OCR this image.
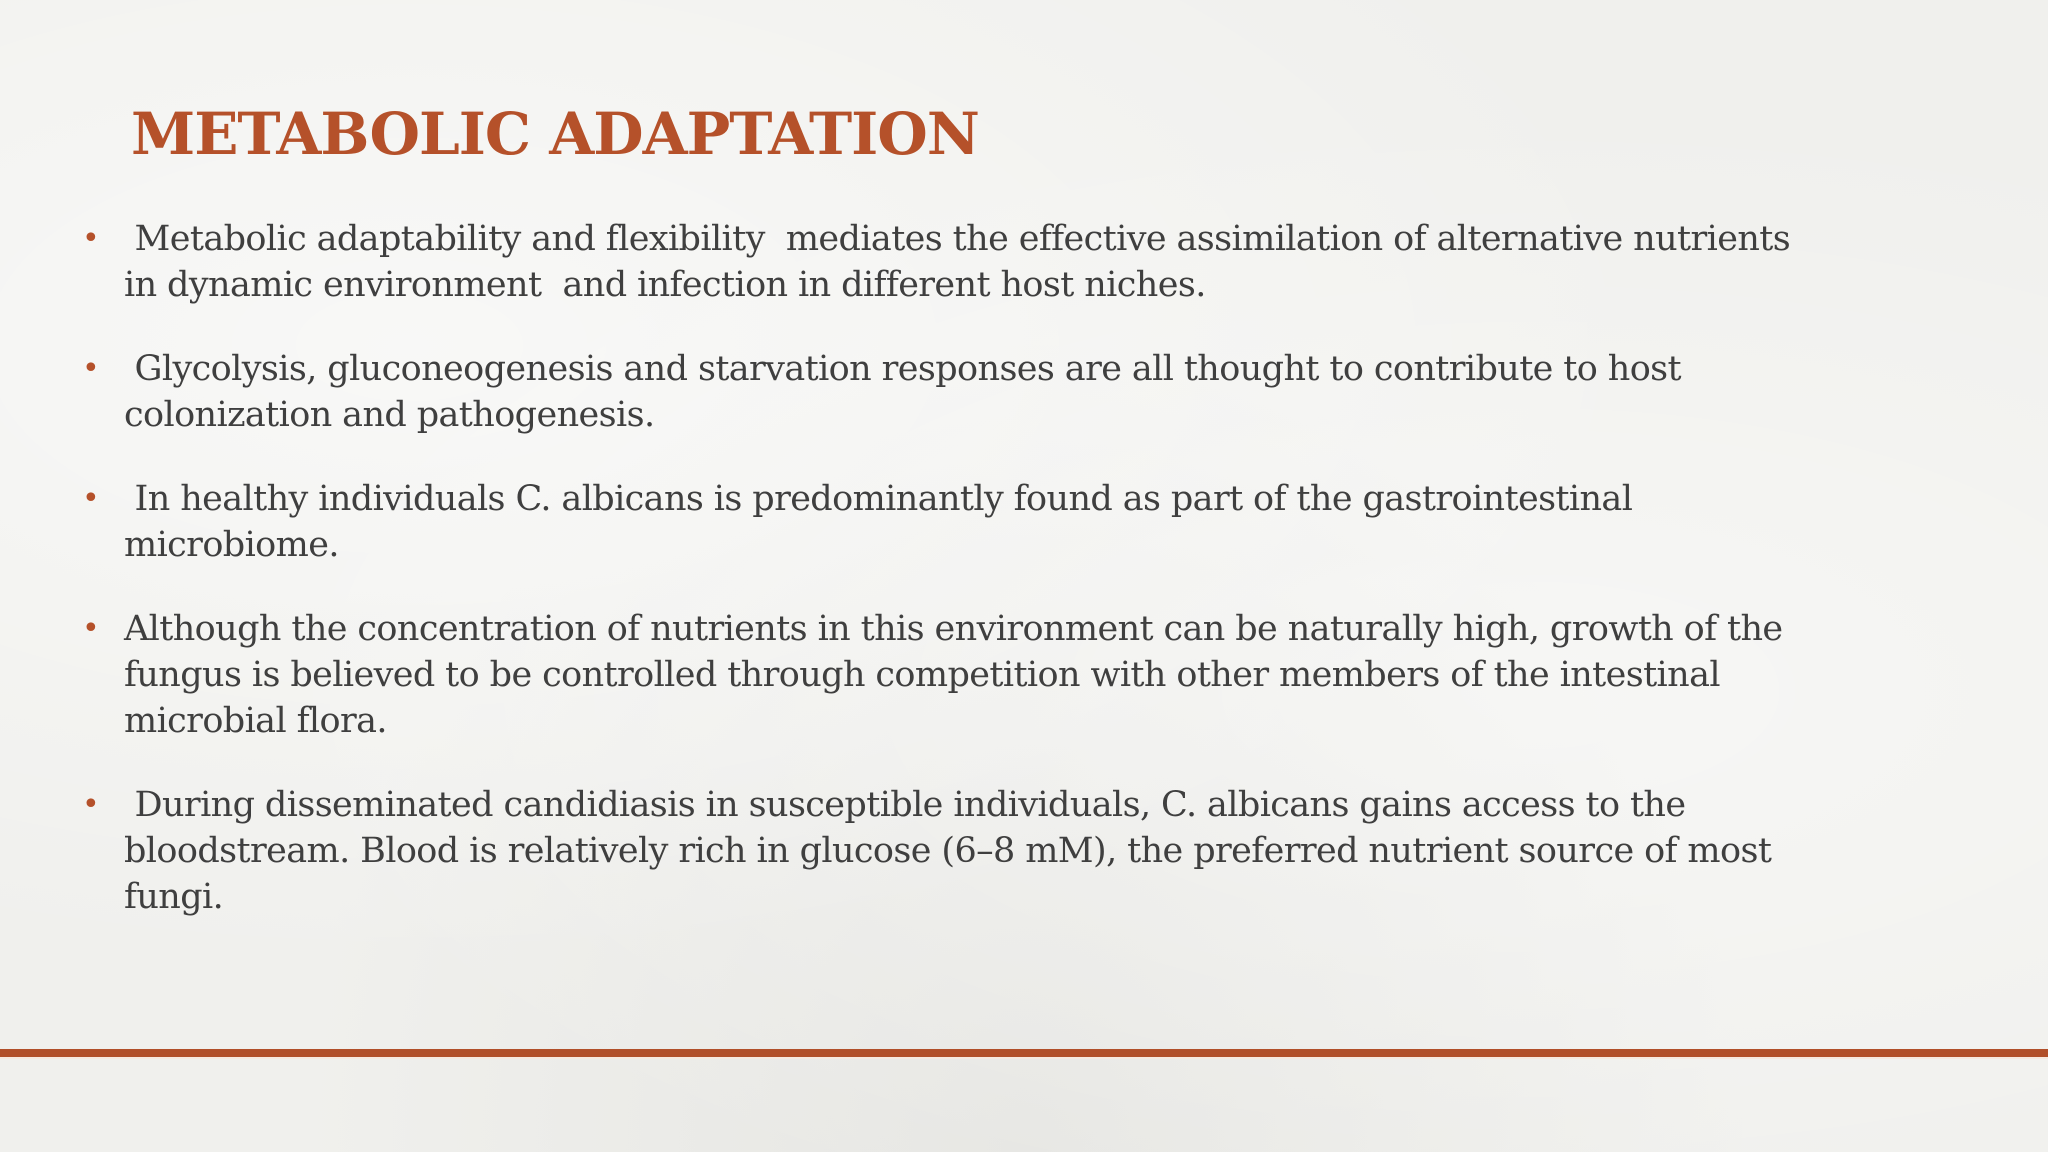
METABOLIC ADAPTATION
• Metabolic adaptability and flexibility  mediates the effective assimilation of alternative nutrients  in dynamic environment  and infection in different host niches.
• Glycolysis, gluconeogenesis and starvation responses are all thought to contribute to host colonization and pathogenesis.
• In healthy individuals C. albicans is predominantly found as part of the gastrointestinal microbiome.
• Although the concentration of nutrients in this environment can be naturally high, growth of the fungus is believed to be controlled through competition with other members of the intestinal microbial flora.
• During disseminated candidiasis in susceptible individuals, C. albicans gains access to the bloodstream. Blood is relatively rich in glucose (6–8 mM), the preferred nutrient source of most fungi.
